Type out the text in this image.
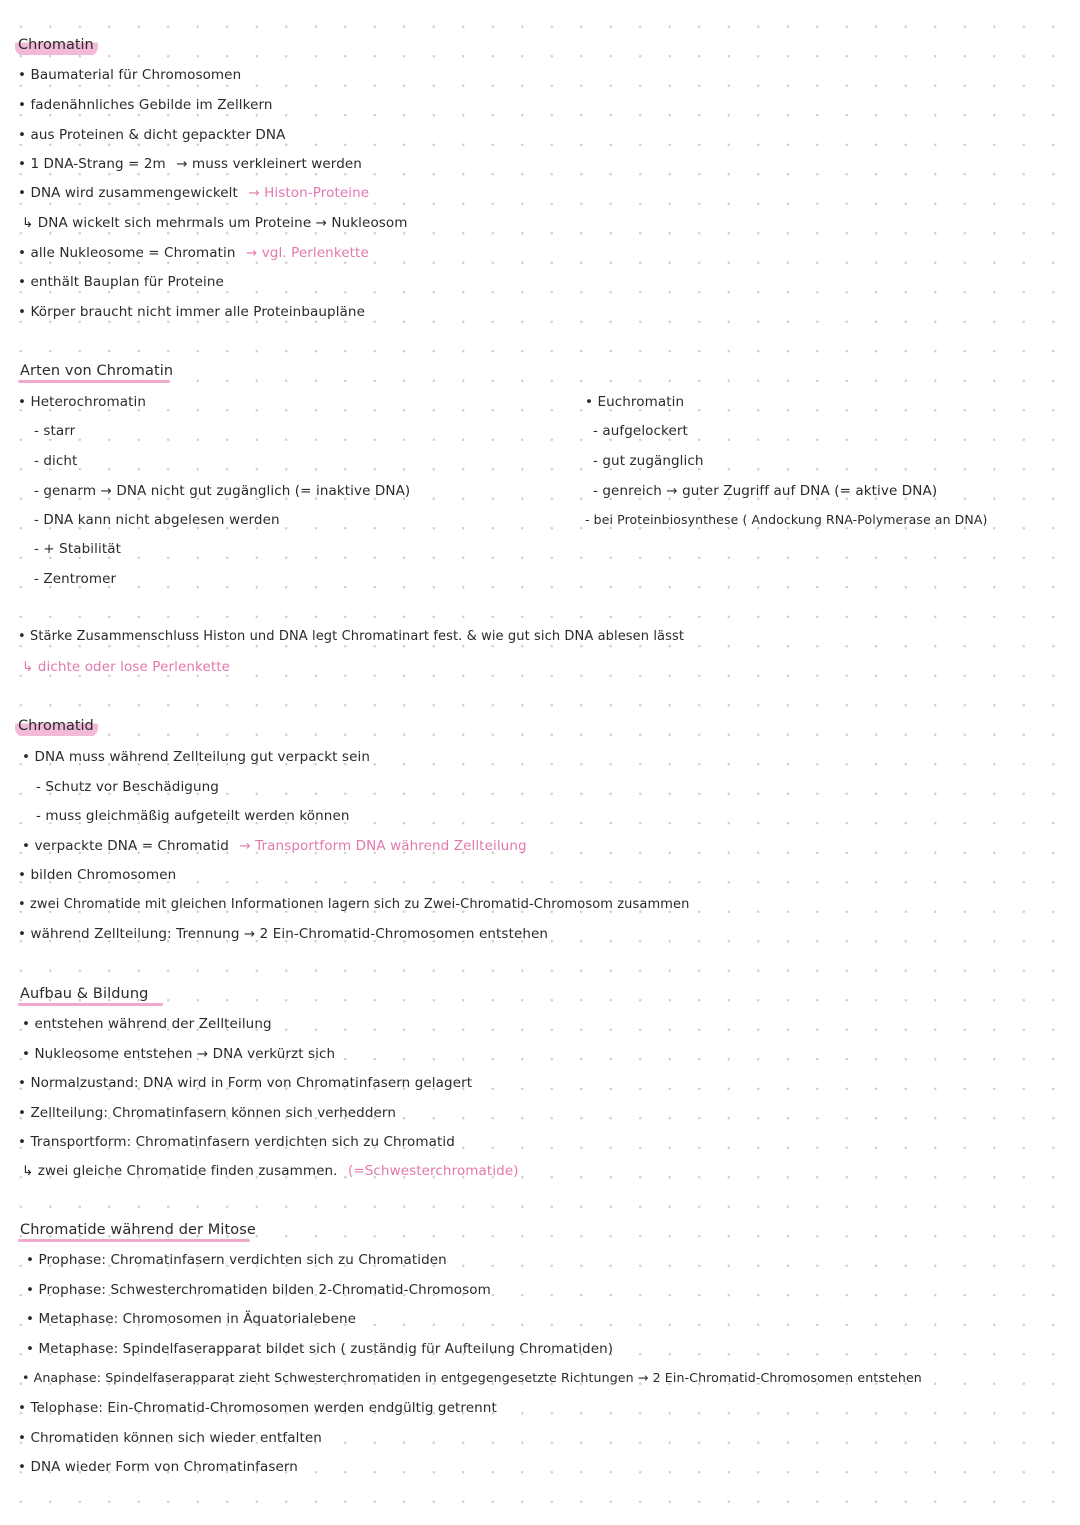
Chromatin
• Baumaterial für Chromosomen
• fadenähnliches Gebilde im Zellkern
• aus Proteinen & dicht gepackter DNA
• 1 DNA-Strang = 2m → muss verkleinert werden
• DNA wird zusammengewickelt → Histon-Proteine
↳ DNA wickelt sich mehrmals um Proteine → Nukleosom
• alle Nukleosome = Chromatin → vgl. Perlenkette
• enthält Bauplan für Proteine
• Körper braucht nicht immer alle Proteinbaupläne
Arten von Chromatin
• Heterochromatin
- starr
- dicht
- genarm → DNA nicht gut zugänglich (= inaktive DNA)
- DNA kann nicht abgelesen werden
- + Stabilität
- Zentromer
• Euchromatin
- aufgelockert
- gut zugänglich
- genreich → guter Zugriff auf DNA (= aktive DNA)
- bei Proteinbiosynthese ( Andockung RNA-Polymerase an DNA)
• Stärke Zusammenschluss Histon und DNA legt Chromatinart fest. & wie gut sich DNA ablesen lässt
↳ dichte oder lose Perlenkette
Chromatid
• DNA muss während Zellteilung gut verpackt sein
- Schutz vor Beschädigung
- muss gleichmäßig aufgeteilt werden können
• verpackte DNA = Chromatid → Transportform DNA während Zellteilung
• bilden Chromosomen
• zwei Chromatide mit gleichen Informationen lagern sich zu Zwei-Chromatid-Chromosom zusammen
• während Zellteilung: Trennung → 2 Ein-Chromatid-Chromosomen entstehen
Aufbau & Bildung
• entstehen während der Zellteilung
• Nukleosome entstehen → DNA verkürzt sich
• Normalzustand: DNA wird in Form von Chromatinfasern gelagert
• Zellteilung: Chromatinfasern können sich verheddern
• Transportform: Chromatinfasern verdichten sich zu Chromatid
↳ zwei gleiche Chromatide finden zusammen. (=Schwesterchromatide)
Chromatide während der Mitose
• Prophase: Chromatinfasern verdichten sich zu Chromatiden
• Prophase: Schwesterchromatiden bilden 2-Chromatid-Chromosom
• Metaphase: Chromosomen in Äquatorialebene
• Metaphase: Spindelfaserapparat bildet sich ( zuständig für Aufteilung Chromatiden)
• Anaphase: Spindelfaserapparat zieht Schwesterchromatiden in entgegengesetzte Richtungen → 2 Ein-Chromatid-Chromosomen entstehen
• Telophase: Ein-Chromatid-Chromosomen werden endgültig getrennt
• Chromatiden können sich wieder entfalten
• DNA wieder Form von Chromatinfasern
